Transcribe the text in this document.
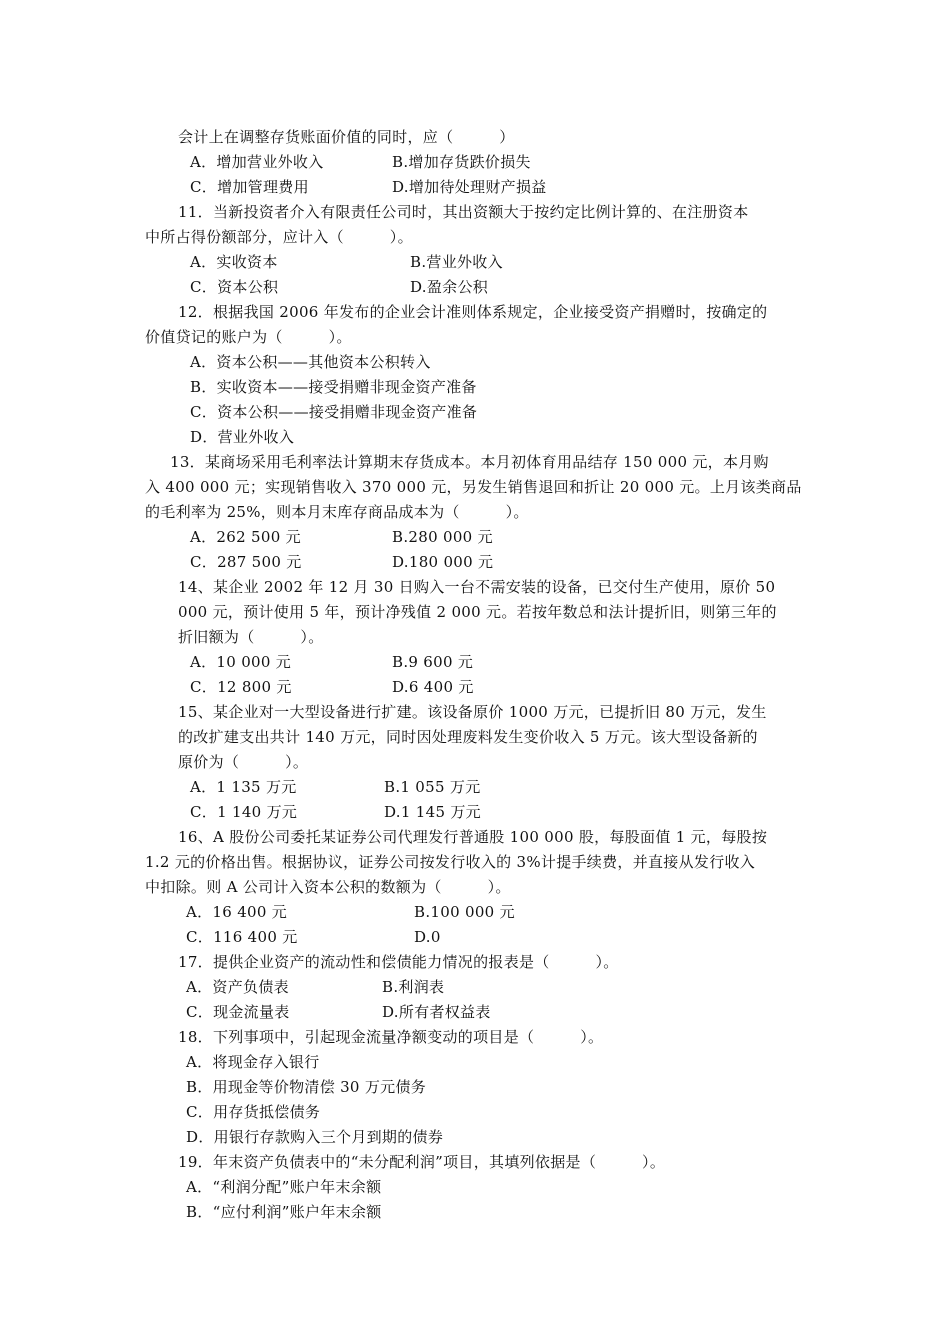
会计上在调整存货账面价值的同时，应（　　　）
A．增加营业外收入	B.增加存货跌价损失
C．增加管理费用	D.增加待处理财产损益
11．当新投资者介入有限责任公司时，其出资额大于按约定比例计算的、在注册资本
中所占得份额部分，应计入（　　　）。
A．实收资本	B.营业外收入
C．资本公积	D.盈余公积
12．根据我国 2006 年发布的企业会计准则体系规定，企业接受资产捐赠时，按确定的
价值贷记的账户为（　　　）。
A．资本公积——其他资本公积转入
B．实收资本——接受捐赠非现金资产准备
C．资本公积——接受捐赠非现金资产准备
D．营业外收入
13．某商场采用毛利率法计算期末存货成本。本月初体育用品结存 150 000 元，本月购
入 400 000 元；实现销售收入 370 000 元，另发生销售退回和折让 20 000 元。上月该类商品
的毛利率为 25%，则本月末库存商品成本为（　　　）。
A．262 500 元	B.280 000 元
C．287 500 元	D.180 000 元
14、某企业 2002 年 12 月 30 日购入一台不需安装的设备，已交付生产使用，原价 50
000 元，预计使用 5 年，预计净残值 2 000 元。若按年数总和法计提折旧，则第三年的
折旧额为（　　　）。
A．10 000 元	B.9 600 元
C．12 800 元	D.6 400 元
15、某企业对一大型设备进行扩建。该设备原价 1000 万元，已提折旧 80 万元，发生
的改扩建支出共计 140 万元，同时因处理废料发生变价收入 5 万元。该大型设备新的
原价为（　　　）。
A．1 135 万元	B.1 055 万元
C．1 140 万元	D.1 145 万元
16、A 股份公司委托某证券公司代理发行普通股 100 000 股，每股面值 1 元，每股按
1.2 元的价格出售。根据协议，证券公司按发行收入的 3%计提手续费，并直接从发行收入
中扣除。则 A 公司计入资本公积的数额为（　　　）。
A．16 400 元	B.100 000 元
C．116 400 元	D.0
17．提供企业资产的流动性和偿债能力情况的报表是（　　　）。
A．资产负债表	B.利润表
C．现金流量表	D.所有者权益表
18．下列事项中，引起现金流量净额变动的项目是（　　　）。
A．将现金存入银行
B．用现金等价物清偿 30 万元债务
C．用存货抵偿债务
D．用银行存款购入三个月到期的债券
19．年末资产负债表中的“未分配利润”项目，其填列依据是（　　　）。
A．“利润分配”账户年末余额
B．“应付利润”账户年末余额
